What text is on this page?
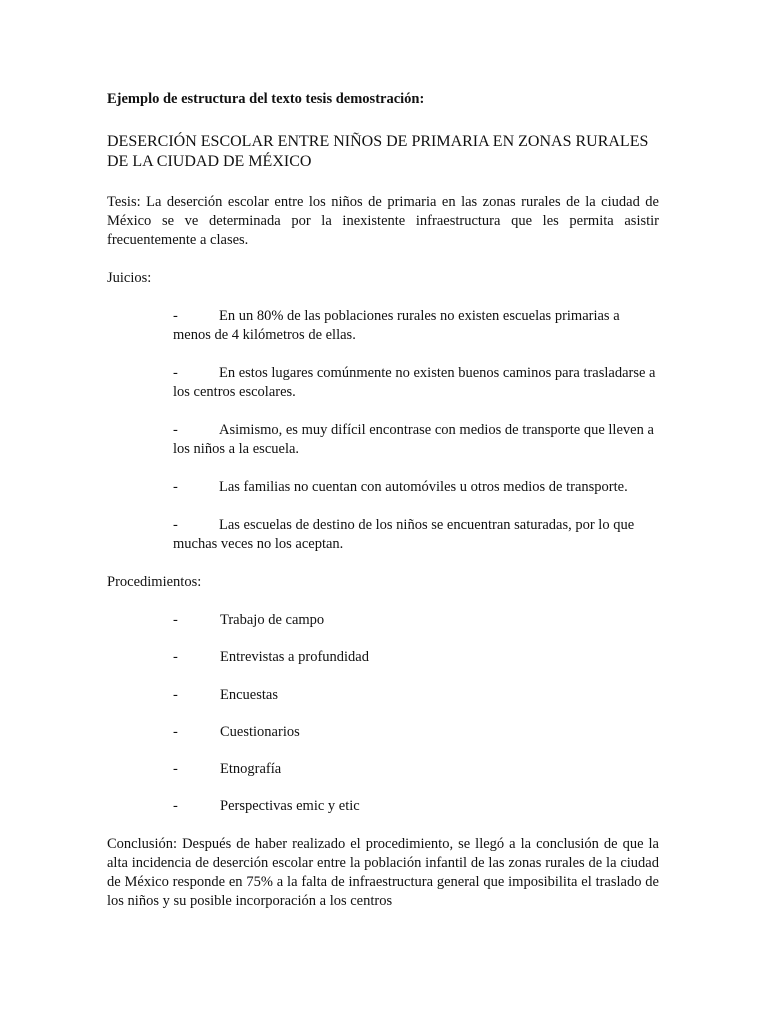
Ejemplo de estructura del texto tesis demostración:

DESERCIÓN ESCOLAR ENTRE NIÑOS DE PRIMARIA EN ZONAS RURALES
DE LA CIUDAD DE MÉXICO

Tesis: La deserción escolar entre los niños de primaria en las zonas rurales de la ciudad de México se ve determinada por la inexistente infraestructura que les permita asistir frecuentemente a clases.

Juicios:

-	En un 80% de las poblaciones rurales no existen escuelas primarias a menos de 4 kilómetros de ellas.
-	En estos lugares comúnmente no existen buenos caminos para trasladarse a los centros escolares.
-	Asimismo, es muy difícil encontrase con medios de transporte que lleven a los niños a la escuela.
-	Las familias no cuentan con automóviles u otros medios de transporte.
-	Las escuelas de destino de los niños se encuentran saturadas, por lo que muchas veces no los aceptan.

Procedimientos:

-	Trabajo de campo
-	Entrevistas a profundidad
-	Encuestas
-	Cuestionarios
-	Etnografía
-	Perspectivas emic y etic

Conclusión: Después de haber realizado el procedimiento, se llegó a la conclusión de que la alta incidencia de deserción escolar entre la población infantil de las zonas rurales de la ciudad de México responde en 75% a la falta de infraestructura general que imposibilita el traslado de los niños y su posible incorporación a los centros
